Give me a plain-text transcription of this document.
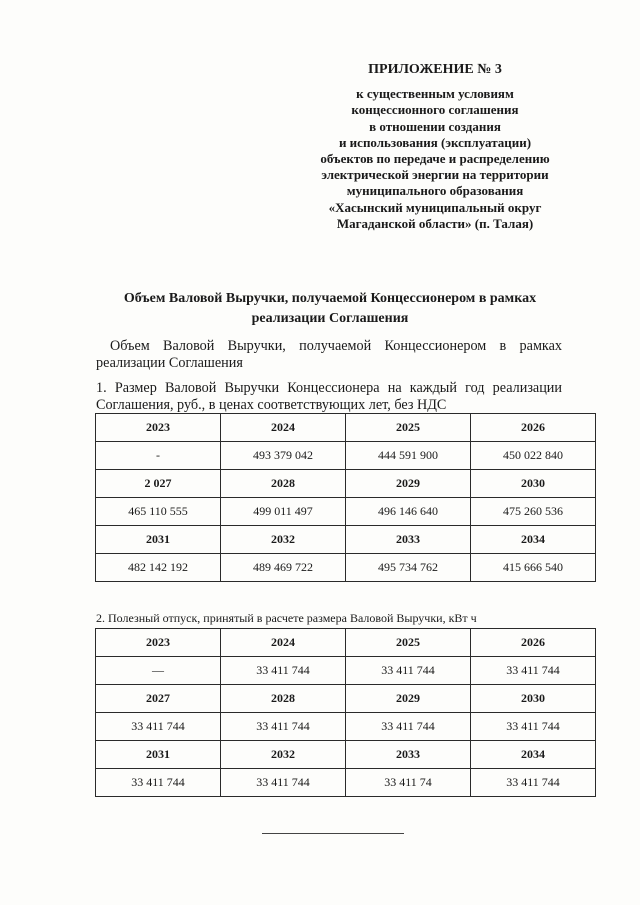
ПРИЛОЖЕНИЕ № 3
к существенным условиям
концессионного соглашения
в отношении создания
и использования (эксплуатации)
объектов по передаче и распределению
электрической энергии на территории
муниципального образования
«Хасынский муниципальный округ
Магаданской области» (п. Талая)
Объем Валовой Выручки, получаемой Концессионером в рамках реализации Соглашения
Объем Валовой Выручки, получаемой Концессионером в рамках реализации Соглашения
1. Размер Валовой Выручки Концессионера на каждый год реализации Соглашения, руб., в ценах соответствующих лет, без НДС
2023	2024	2025	2026
-	493 379 042	444 591 900	450 022 840
2 027	2028	2029	2030
465 110 555	499 011 497	496 146 640	475 260 536
2031	2032	2033	2034
482 142 192	489 469 722	495 734 762	415 666 540
2. Полезный отпуск, принятый в расчете размера Валовой Выручки, кВт ч
2023	2024	2025	2026
—	33 411 744	33 411 744	33 411 744
2027	2028	2029	2030
33 411 744	33 411 744	33 411 744	33 411 744
2031	2032	2033	2034
33 411 744	33 411 744	33 411 74	33 411 744
